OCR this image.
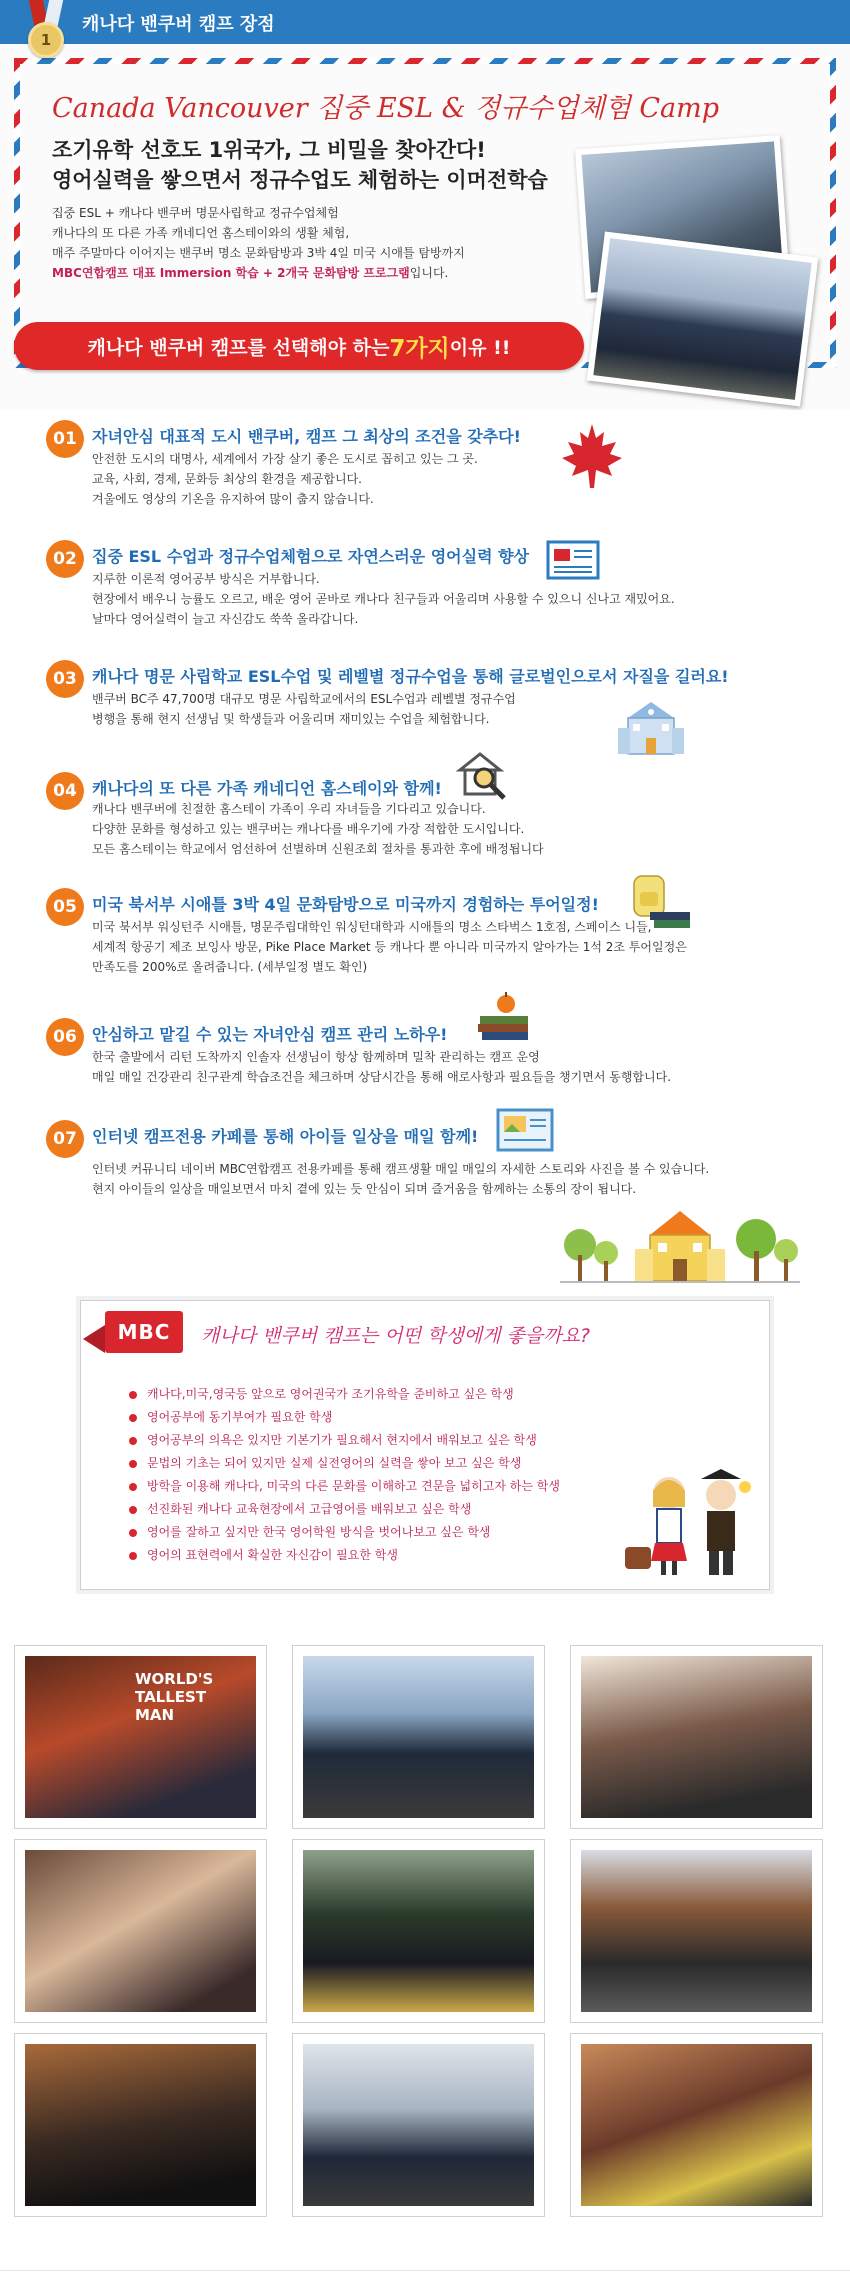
캐나다 밴쿠버 캠프 장점
1
Canada Vancouver 집중 ESL & 정규수업체험 Camp
조기유학 선호도 1위국가, 그 비밀을 찾아간다!
영어실력을 쌓으면서 정규수업도 체험하는 이머전학습
집중 ESL + 캐나다 밴쿠버 명문사립학교 정규수업체험
캐나다의 또 다른 가족 캐네디언 홈스테이와의 생활 체험,
매주 주말마다 이어지는 밴쿠버 명소 문화탐방과 3박 4일 미국 시애틀 탐방까지
MBC연합캠프 대표 Immersion 학습 + 2개국 문화탐방 프로그램입니다.
캐나다 밴쿠버 캠프를 선택해야 하는 7가지 이유 !!
01 자녀안심 대표적 도시 밴쿠버, 캠프 그 최상의 조건을 갖추다!
안전한 도시의 대명사, 세계에서 가장 살기 좋은 도시로 꼽히고 있는 그 곳.
교육, 사회, 경제, 문화등 최상의 환경을 제공합니다.
겨울에도 영상의 기온을 유지하여 많이 춥지 않습니다.
02 집중 ESL 수업과 정규수업체험으로 자연스러운 영어실력 향상
지루한 이론적 영어공부 방식은 거부합니다.
현장에서 배우니 능률도 오르고, 배운 영어 곧바로 캐나다 친구들과 어울리며 사용할 수 있으니 신나고 재밌어요.
날마다 영어실력이 늘고 자신감도 쑥쑥 올라갑니다.
03 캐나다 명문 사립학교 ESL수업 및 레벨별 정규수업을 통해 글로벌인으로서 자질을 길러요!
밴쿠버 BC주 47,700명 대규모 명문 사립학교에서의 ESL수업과 레벨별 정규수업
병행을 통해 현지 선생님 및 학생들과 어울리며 재미있는 수업을 체험합니다.
04 캐나다의 또 다른 가족 캐네디언 홈스테이와 함께!
캐나다 밴쿠버에 친절한 홈스테이 가족이 우리 자녀들을 기다리고 있습니다.
다양한 문화를 형성하고 있는 밴쿠버는 캐나다를 배우기에 가장 적합한 도시입니다.
모든 홈스테이는 학교에서 엄선하여 선별하며 신원조회 절차를 통과한 후에 배정됩니다
05 미국 북서부 시애틀 3박 4일 문화탐방으로 미국까지 경험하는 투어일정!
미국 북서부 워싱턴주 시애틀, 명문주립대학인 워싱턴대학과 시애틀의 명소 스타벅스 1호점, 스페이스 니들,
세계적 항공기 제조 보잉사 방문, Pike Place Market 등 캐나다 뿐 아니라 미국까지 알아가는 1석 2조 투어일정은
만족도를 200%로 올려줍니다. (세부일정 별도 확인)
06 안심하고 맡길 수 있는 자녀안심 캠프 관리 노하우!
한국 출발에서 리턴 도착까지 인솔자 선생님이 항상 함께하며 밀착 관리하는 캠프 운영
매일 매일 건강관리 친구관계 학습조건을 체크하며 상담시간을 통해 애로사항과 필요들을 챙기면서 동행합니다.
07 인터넷 캠프전용 카페를 통해 아이들 일상을 매일 함께!
인터넷 커뮤니티 네이버 MBC연합캠프 전용카페를 통해 캠프생활 매일 매일의 자세한 스토리와 사진을 볼 수 있습니다.
현지 아이들의 일상을 매일보면서 마치 곁에 있는 듯 안심이 되며 즐거움을 함께하는 소통의 장이 됩니다.
MBC	캐나다 밴쿠버 캠프는 어떤 학생에게 좋을까요?
캐나다,미국,영국등 앞으로 영어권국가 조기유학을 준비하고 싶은 학생
영어공부에 동기부여가 필요한 학생
영어공부의 의욕은 있지만 기본기가 필요해서 현지에서 배워보고 싶은 학생
문법의 기초는 되어 있지만 실제 실전영어의 실력을 쌓아 보고 싶은 학생
방학을 이용해 캐나다, 미국의 다른 문화를 이해하고 견문을 넓히고자 하는 학생
선진화된 캐나다 교육현장에서 고급영어를 배워보고 싶은 학생
영어를 잘하고 싶지만 한국 영어학원 방식을 벗어나보고 싶은 학생
영어의 표현력에서 확실한 자신감이 필요한 학생
WORLD'S TALLEST MAN
